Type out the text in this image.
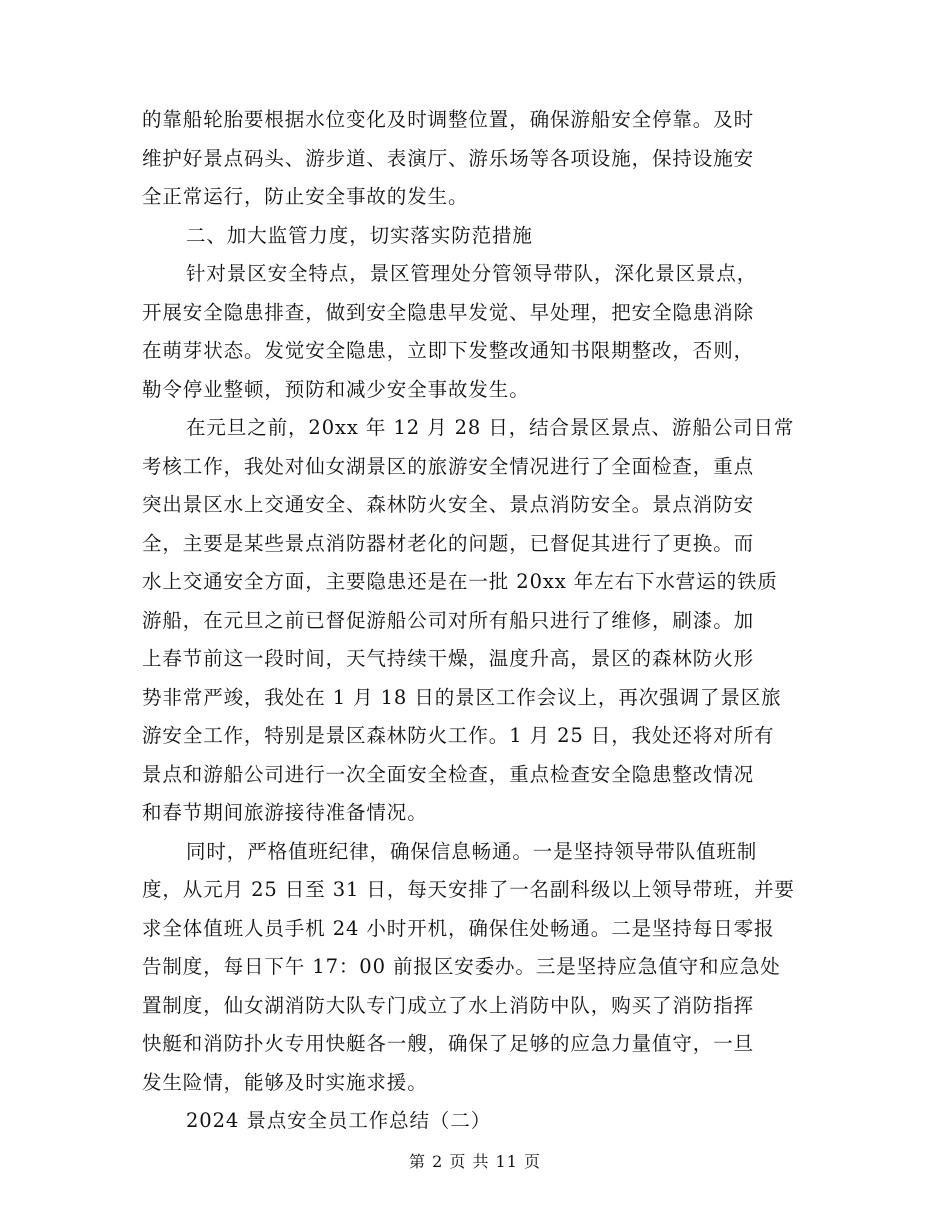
的靠船轮胎要根据水位变化及时调整位置，确保游船安全停靠。及时
维护好景点码头、游步道、表演厅、游乐场等各项设施，保持设施安
全正常运行，防止安全事故的发生。
二、加大监管力度，切实落实防范措施
针对景区安全特点，景区管理处分管领导带队，深化景区景点，
开展安全隐患排查，做到安全隐患早发觉、早处理，把安全隐患消除
在萌芽状态。发觉安全隐患，立即下发整改通知书限期整改，否则，
勒令停业整顿，预防和减少安全事故发生。
在元旦之前，20xx 年 12 月 28 日，结合景区景点、游船公司日常
考核工作，我处对仙女湖景区的旅游安全情况进行了全面检查，重点
突出景区水上交通安全、森林防火安全、景点消防安全。景点消防安
全，主要是某些景点消防器材老化的问题，已督促其进行了更换。而
水上交通安全方面，主要隐患还是在一批 20xx 年左右下水营运的铁质
游船，在元旦之前已督促游船公司对所有船只进行了维修，刷漆。加
上春节前这一段时间，天气持续干燥，温度升高，景区的森林防火形
势非常严竣，我处在 1 月 18 日的景区工作会议上，再次强调了景区旅
游安全工作，特别是景区森林防火工作。1 月 25 日，我处还将对所有
景点和游船公司进行一次全面安全检查，重点检查安全隐患整改情况
和春节期间旅游接待准备情况。
同时，严格值班纪律，确保信息畅通。一是坚持领导带队值班制
度，从元月 25 日至 31 日，每天安排了一名副科级以上领导带班，并要
求全体值班人员手机 24 小时开机，确保住处畅通。二是坚持每日零报
告制度，每日下午 17：00 前报区安委办。三是坚持应急值守和应急处
置制度，仙女湖消防大队专门成立了水上消防中队，购买了消防指挥
快艇和消防扑火专用快艇各一艘，确保了足够的应急力量值守，一旦
发生险情，能够及时实施求援。
2024 景点安全员工作总结（二）
第 2 页 共 11 页
